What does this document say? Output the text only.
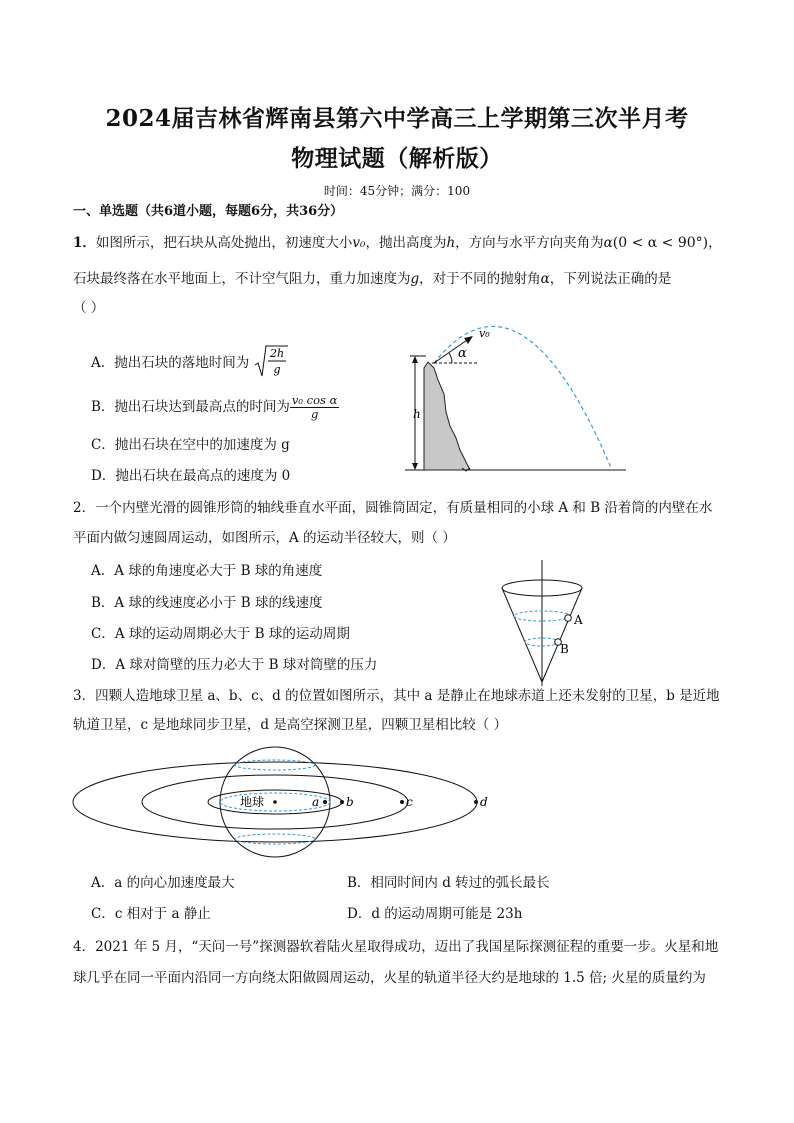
2024届吉林省辉南县第六中学高三上学期第三次半月考
物理试题（解析版）
时间：45分钟；满分：100
一、单选题（共6道小题，每题6分，共36分）
1．如图所示，把石块从高处抛出，初速度大小v₀，抛出高度为h，方向与水平方向夹角为α(0 < α < 90°)，
石块最终落在水平地面上，不计空气阻力，重力加速度为g，对于不同的抛射角α，下列说法正确的是
（ ）
A．抛出石块的落地时间为
2h
g
B．抛出石块达到最高点的时间为 $\frac{\text{v₀ cos α}}{g}$
C．抛出石块在空中的加速度为 g
D．抛出石块在最高点的速度为 0
h
v₀
α
2．一个内壁光滑的圆锥形筒的轴线垂直水平面，圆锥筒固定，有质量相同的小球 A 和 B 沿着筒的内壁在水
平面内做匀速圆周运动，如图所示，A 的运动半径较大，则（ ）
A．A 球的角速度必大于 B 球的角速度
B．A 球的线速度必小于 B 球的线速度
C．A 球的运动周期必大于 B 球的运动周期
D．A 球对筒壁的压力必大于 B 球对筒壁的压力
A
B
3．四颗人造地球卫星 a、b、c、d 的位置如图所示，其中 a 是静止在地球赤道上还未发射的卫星，b 是近地
轨道卫星，c 是地球同步卫星，d 是高空探测卫星，四颗卫星相比较（ ）
地球	a b	c	d
A．a 的向心加速度最大	B．相同时间内 d 转过的弧长最长
C．c 相对于 a 静止	D．d 的运动周期可能是 23h
4．2021 年 5 月，“天问一号”探测器软着陆火星取得成功，迈出了我国星际探测征程的重要一步。火星和地
球几乎在同一平面内沿同一方向绕太阳做圆周运动，火星的轨道半径大约是地球的 1.5 倍; 火星的质量约为
